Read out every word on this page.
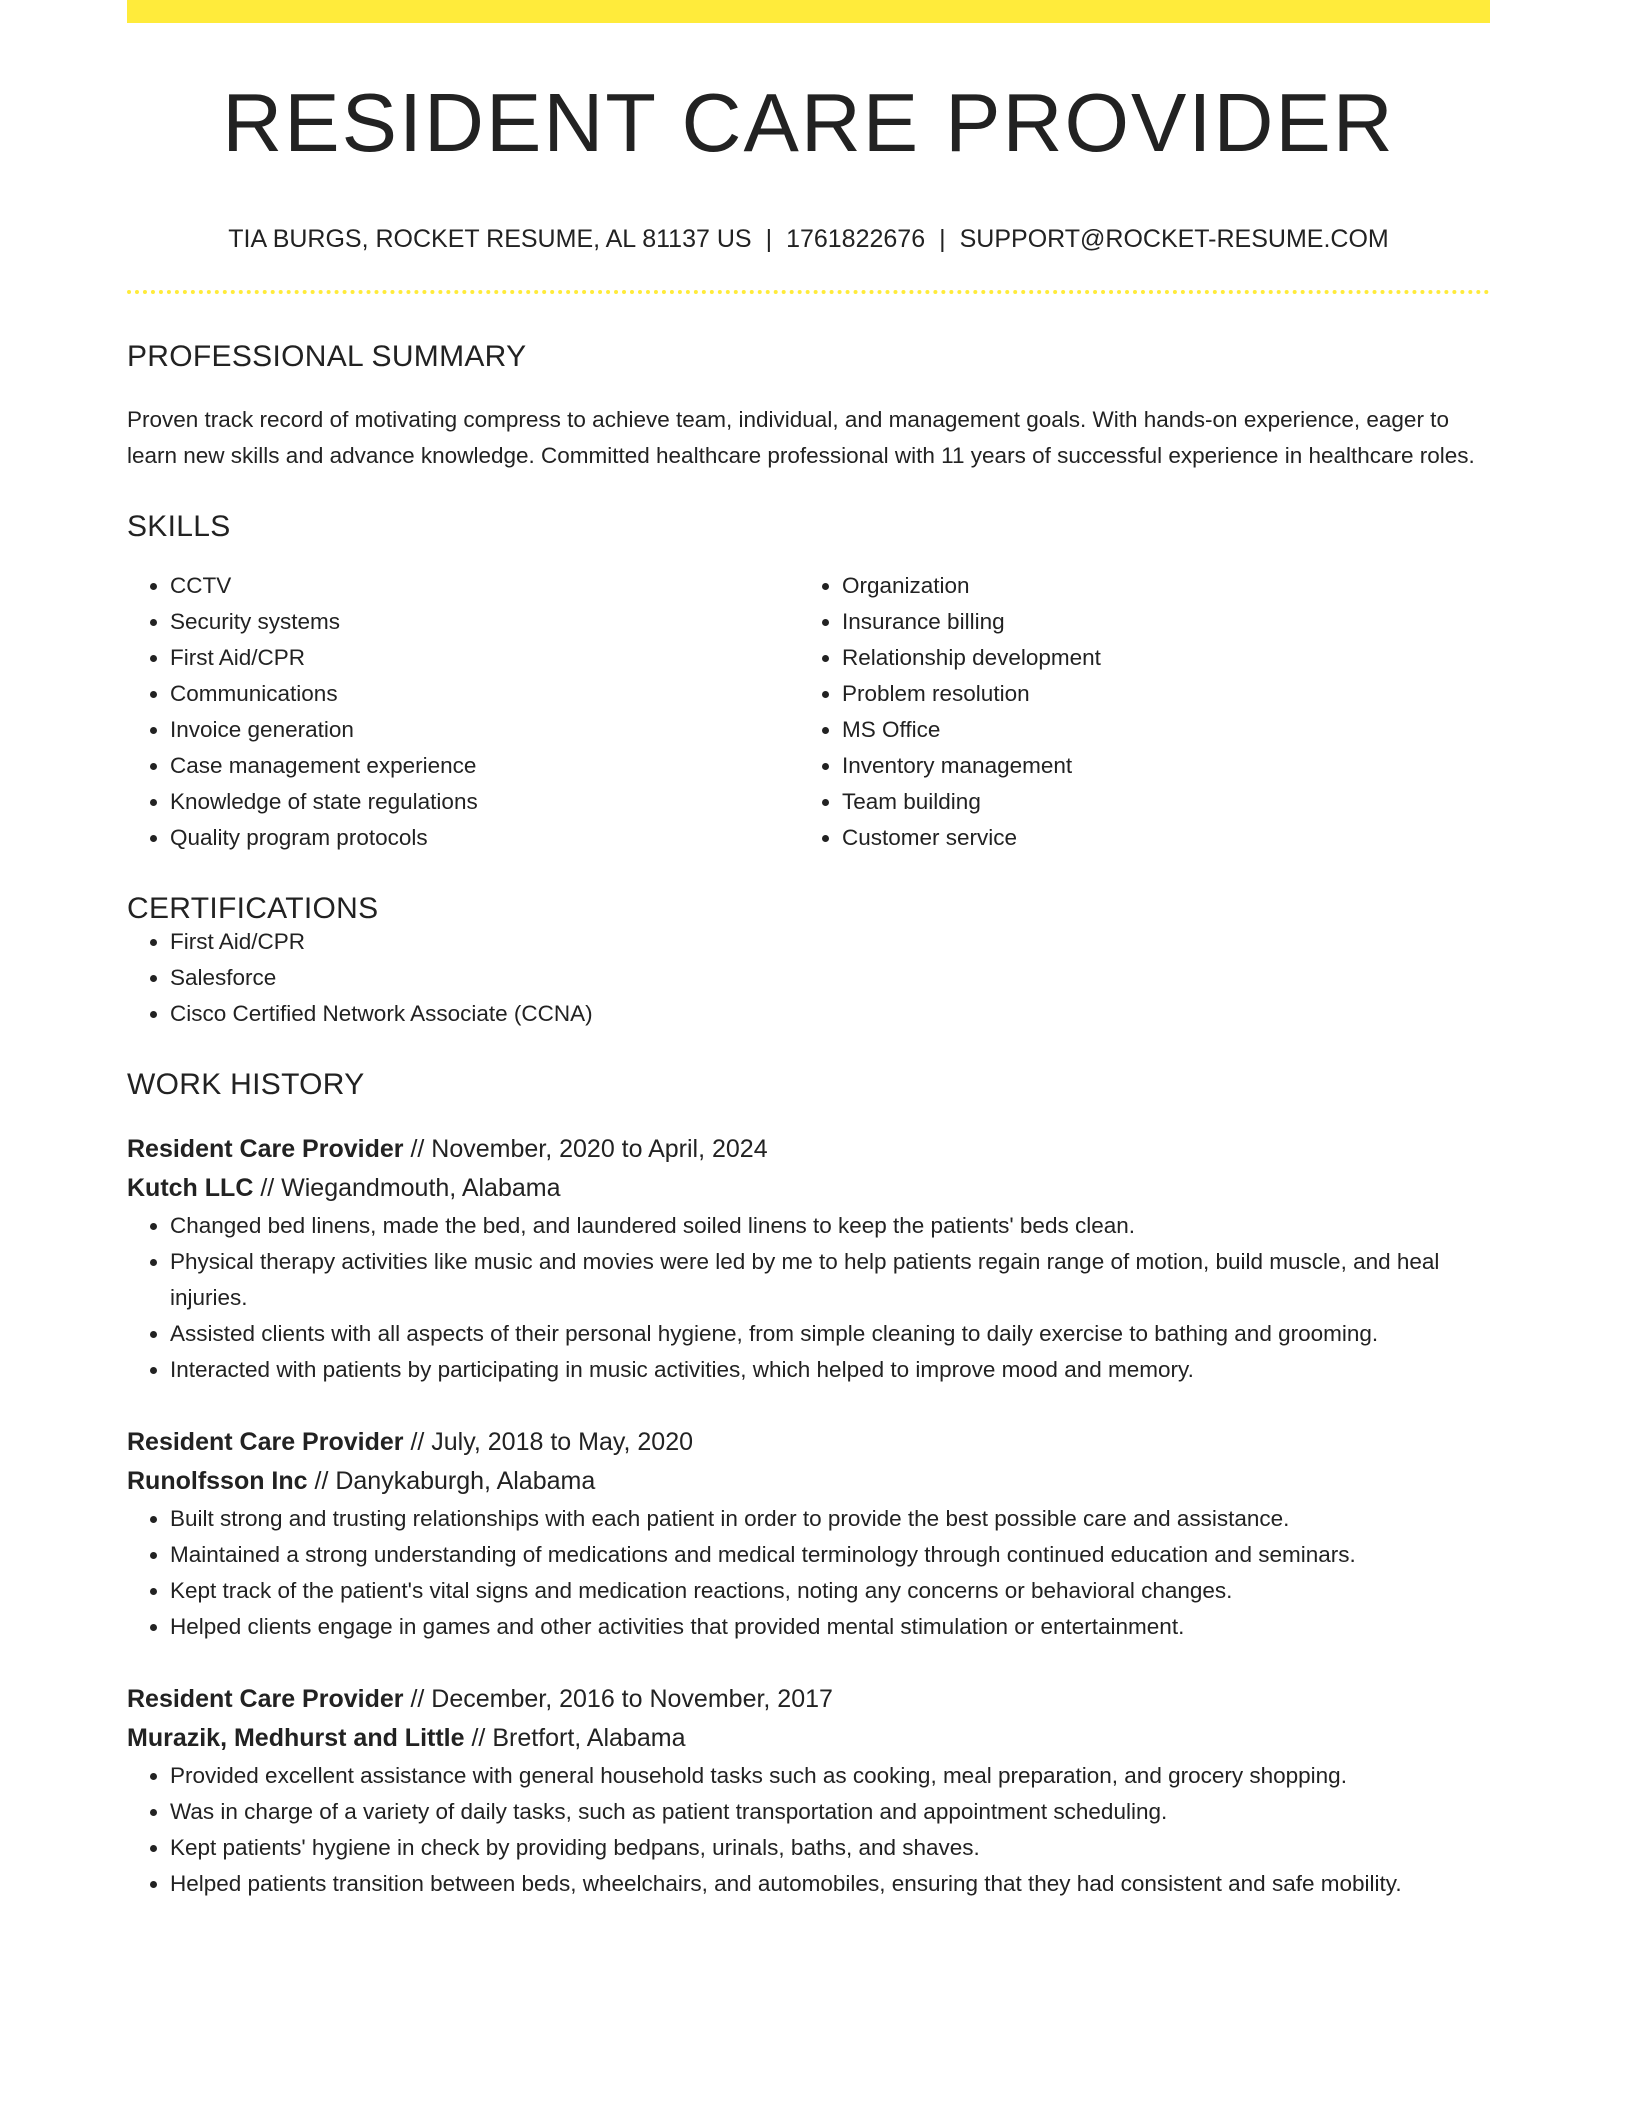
RESIDENT CARE PROVIDER
TIA BURGS, ROCKET RESUME, AL 81137 US | 1761822676 | SUPPORT@ROCKET-RESUME.COM
PROFESSIONAL SUMMARY

Proven track record of motivating compress to achieve team, individual, and management goals. With hands-on experience, eager to learn new skills and advance knowledge. Committed healthcare professional with 11 years of successful experience in healthcare roles.

SKILLS
• CCTV
• Security systems
• First Aid/CPR
• Communications
• Invoice generation
• Case management experience
• Knowledge of state regulations
• Quality program protocols
• Organization
• Insurance billing
• Relationship development
• Problem resolution
• MS Office
• Inventory management
• Team building
• Customer service
CERTIFICATIONS
• First Aid/CPR
• Salesforce
• Cisco Certified Network Associate (CCNA)
WORK HISTORY
Resident Care Provider // November, 2020 to April, 2024
Kutch LLC // Wiegandmouth, Alabama
• Changed bed linens, made the bed, and laundered soiled linens to keep the patients' beds clean.
• Physical therapy activities like music and movies were led by me to help patients regain range of motion, build muscle, and heal injuries.
• Assisted clients with all aspects of their personal hygiene, from simple cleaning to daily exercise to bathing and grooming.
• Interacted with patients by participating in music activities, which helped to improve mood and memory.
Resident Care Provider // July, 2018 to May, 2020
Runolfsson Inc // Danykaburgh, Alabama
• Built strong and trusting relationships with each patient in order to provide the best possible care and assistance.
• Maintained a strong understanding of medications and medical terminology through continued education and seminars.
• Kept track of the patient's vital signs and medication reactions, noting any concerns or behavioral changes.
• Helped clients engage in games and other activities that provided mental stimulation or entertainment.
Resident Care Provider // December, 2016 to November, 2017
Murazik, Medhurst and Little // Bretfort, Alabama
• Provided excellent assistance with general household tasks such as cooking, meal preparation, and grocery shopping.
• Was in charge of a variety of daily tasks, such as patient transportation and appointment scheduling.
• Kept patients' hygiene in check by providing bedpans, urinals, baths, and shaves.
• Helped patients transition between beds, wheelchairs, and automobiles, ensuring that they had consistent and safe mobility.
